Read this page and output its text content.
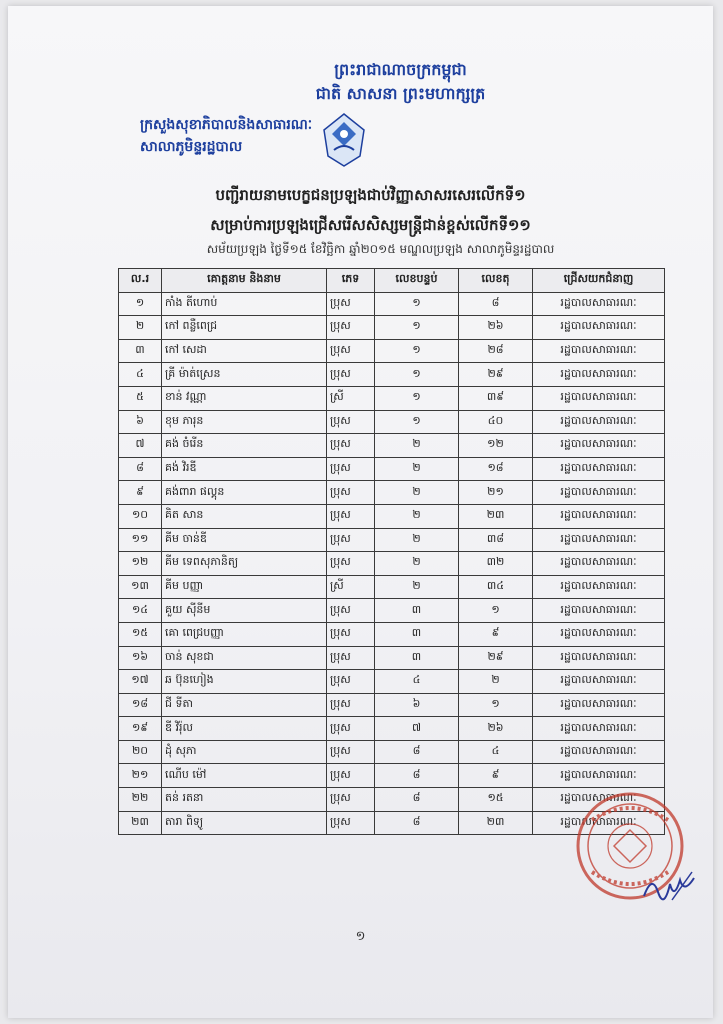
ព្រះរាជាណាចក្រកម្ពុជា
ជាតិ សាសនា ព្រះមហាក្សត្រ
ក្រសួងសុខាភិបាលនិងសាធារណៈ
សាលាភូមិន្ទរដ្ឋបាល
បញ្ជីរាយនាមបេក្ខជនប្រឡងជាប់វិញ្ញាសាសរសេរលើកទី១
សម្រាប់ការប្រឡងជ្រើសរើសសិស្សមន្ត្រីជាន់ខ្ពស់លើកទី១១
សម័យប្រឡង ថ្ងៃទី១៥ ខែវិច្ឆិកា ឆ្នាំ២០១៥ មណ្ឌលប្រឡង សាលាភូមិន្ទរដ្ឋបាល
ល.រ	គោត្តនាម និងនាម	ភេទ	លេខបន្ទប់	លេខតុ	ជ្រើសយកជំនាញ
១	កាំង តីហោប់	ប្រុស	១	៨	រដ្ឋបាលសាធារណៈ
២	កៅ ពន្លឺពេជ្រ	ប្រុស	១	២៦	រដ្ឋបាលសាធារណៈ
៣	កៅ សេដា	ប្រុស	១	២៨	រដ្ឋបាលសាធារណៈ
៤	គ្រី ម៉ាត់ស្រេន	ប្រុស	១	២៩	រដ្ឋបាលសាធារណៈ
៥	ខាន់ វណ្ណា	ស្រី	១	៣៩	រដ្ឋបាលសាធារណៈ
៦	ខុម ភារុន	ប្រុស	១	៤០	រដ្ឋបាលសាធារណៈ
៧	គង់ ចំរើន	ប្រុស	២	១២	រដ្ឋបាលសាធារណៈ
៨	គង់ វិរឌី	ប្រុស	២	១៨	រដ្ឋបាលសាធារណៈ
៩	គង់ពារា ផល្គុន	ប្រុស	២	២១	រដ្ឋបាលសាធារណៈ
១០	គិត សាន	ប្រុស	២	២៣	រដ្ឋបាលសាធារណៈ
១១	គីម ចាន់ឌី	ប្រុស	២	៣៨	រដ្ឋបាលសាធារណៈ
១២	គីម ទេពសុភានិត្យ	ប្រុស	២	៣២	រដ្ឋបាលសាធារណៈ
១៣	គីម បញ្ញា	ស្រី	២	៣៤	រដ្ឋបាលសាធារណៈ
១៤	គួយ ស៊ីនីម	ប្រុស	៣	១	រដ្ឋបាលសាធារណៈ
១៥	គោ ពេជ្របញ្ញា	ប្រុស	៣	៩	រដ្ឋបាលសាធារណៈ
១៦	ចាន់ សុខជា	ប្រុស	៣	២៩	រដ្ឋបាលសាធារណៈ
១៧	ឆ ប៊ុនហៀង	ប្រុស	៤	២	រដ្ឋបាលសាធារណៈ
១៨	ជី ទីតា	ប្រុស	៦	១	រដ្ឋបាលសាធារណៈ
១៩	ឌី វិរ៉ុល	ប្រុស	៧	២៦	រដ្ឋបាលសាធារណៈ
២០	ដុំ សុភា	ប្រុស	៨	៤	រដ្ឋបាលសាធារណៈ
២១	ណើប ម៉ៅ	ប្រុស	៨	៩	រដ្ឋបាលសាធារណៈ
២២	តន់ រតនា	ប្រុស	៨	១៥	រដ្ឋបាលសាធារណៈ
២៣	តារា ពិទ្យូ	ប្រុស	៨	២៣	រដ្ឋបាលសាធារណៈ
១
